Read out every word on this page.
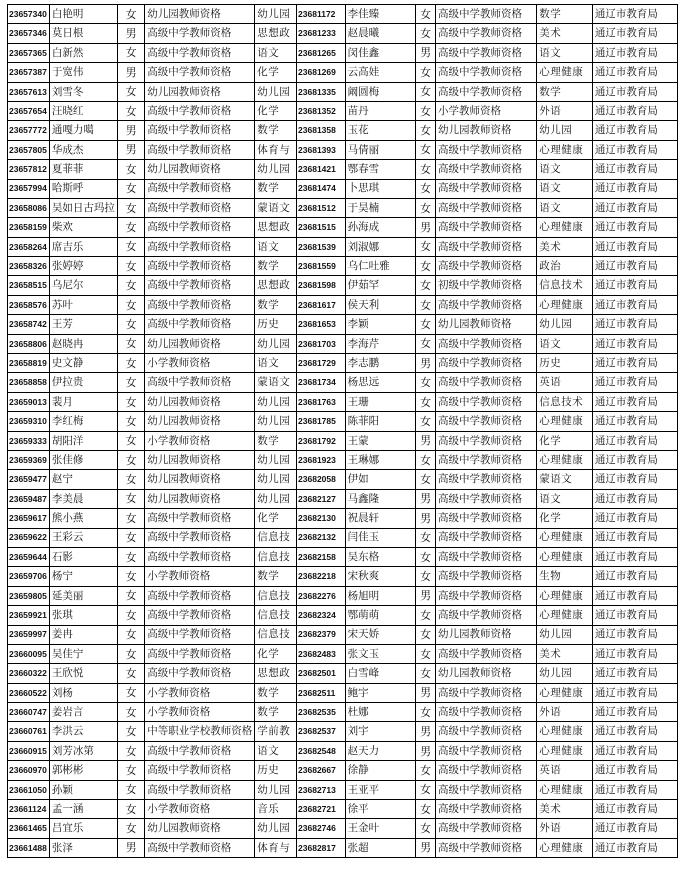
23657340	白艳明	女	幼儿园教师资格	幼儿园	23681172	李佳臻	女	高级中学教师资格	数学	通辽市教育局
23657346	莫日根	男	高级中学教师资格	思想政	23681233	赵晨曦	女	高级中学教师资格	美术	通辽市教育局
23657365	白新然	女	高级中学教师资格	语文	23681265	闵佳鑫	男	高级中学教师资格	语文	通辽市教育局
23657387	于宽伟	男	高级中学教师资格	化学	23681269	云高娃	女	高级中学教师资格	心理健康	通辽市教育局
23657613	刘雪冬	女	幼儿园教师资格	幼儿园	23681335	阚圆梅	女	高级中学教师资格	数学	通辽市教育局
23657654	汪晓红	女	高级中学教师资格	化学	23681352	苗丹	女	小学教师资格	外语	通辽市教育局
23657772	通嘎力噶	男	高级中学教师资格	数学	23681358	玉花	女	幼儿园教师资格	幼儿园	通辽市教育局
23657805	华成杰	男	高级中学教师资格	体育与	23681393	马倩丽	女	高级中学教师资格	心理健康	通辽市教育局
23657812	夏菲菲	女	幼儿园教师资格	幼儿园	23681421	鄂春雪	女	高级中学教师资格	语文	通辽市教育局
23657994	哈斯呼	女	高级中学教师资格	数学	23681474	卜思琪	女	高级中学教师资格	语文	通辽市教育局
23658086	吴如日古玛拉	女	高级中学教师资格	蒙语文	23681512	于昊楠	女	高级中学教师资格	语文	通辽市教育局
23658159	柴欢	女	高级中学教师资格	思想政	23681515	孙海成	男	高级中学教师资格	心理健康	通辽市教育局
23658264	席吉乐	女	高级中学教师资格	语文	23681539	刘淑娜	女	高级中学教师资格	美术	通辽市教育局
23658326	张婷婷	女	高级中学教师资格	数学	23681559	乌仁吐雅	女	高级中学教师资格	政治	通辽市教育局
23658515	乌尼尔	女	高级中学教师资格	思想政	23681598	伊茹罕	女	初级中学教师资格	信息技术	通辽市教育局
23658576	苏叶	女	高级中学教师资格	数学	23681617	侯天利	女	高级中学教师资格	心理健康	通辽市教育局
23658742	王芳	女	高级中学教师资格	历史	23681653	李颖	女	幼儿园教师资格	幼儿园	通辽市教育局
23658806	赵晓冉	女	幼儿园教师资格	幼儿园	23681703	李海芹	女	高级中学教师资格	语文	通辽市教育局
23658819	史文静	女	小学教师资格	语文	23681729	李志鹏	男	高级中学教师资格	历史	通辽市教育局
23658858	伊拉贵	女	高级中学教师资格	蒙语文	23681734	杨思远	女	高级中学教师资格	英语	通辽市教育局
23659013	裴月	女	幼儿园教师资格	幼儿园	23681763	王珊	女	高级中学教师资格	信息技术	通辽市教育局
23659310	李红梅	女	幼儿园教师资格	幼儿园	23681785	陈菲阳	女	高级中学教师资格	心理健康	通辽市教育局
23659333	胡阳洋	女	小学教师资格	数学	23681792	王蒙	男	高级中学教师资格	化学	通辽市教育局
23659369	张佳修	女	幼儿园教师资格	幼儿园	23681923	王琳娜	女	高级中学教师资格	心理健康	通辽市教育局
23659477	赵宁	女	幼儿园教师资格	幼儿园	23682058	伊如	女	高级中学教师资格	蒙语文	通辽市教育局
23659487	李美晨	女	幼儿园教师资格	幼儿园	23682127	马鑫隆	男	高级中学教师资格	语文	通辽市教育局
23659617	熊小燕	女	高级中学教师资格	化学	23682130	祝晨轩	男	高级中学教师资格	化学	通辽市教育局
23659622	王彩云	女	高级中学教师资格	信息技	23682132	闫佳玉	女	高级中学教师资格	心理健康	通辽市教育局
23659644	石影	女	高级中学教师资格	信息技	23682158	吴东格	女	高级中学教师资格	心理健康	通辽市教育局
23659706	杨宁	女	小学教师资格	数学	23682218	宋秋爽	女	高级中学教师资格	生物	通辽市教育局
23659805	延美丽	女	高级中学教师资格	信息技	23682276	杨旭明	男	高级中学教师资格	心理健康	通辽市教育局
23659921	张琪	女	高级中学教师资格	信息技	23682324	鄂萌萌	女	高级中学教师资格	心理健康	通辽市教育局
23659997	姜冉	女	高级中学教师资格	信息技	23682379	宋天娇	女	幼儿园教师资格	幼儿园	通辽市教育局
23660095	吴佳宁	女	高级中学教师资格	化学	23682483	张文玉	女	高级中学教师资格	美术	通辽市教育局
23660322	王欣悦	女	高级中学教师资格	思想政	23682501	白雪峰	女	幼儿园教师资格	幼儿园	通辽市教育局
23660522	刘杨	女	小学教师资格	数学	23682511	鲍宇	男	高级中学教师资格	心理健康	通辽市教育局
23660747	姜岩言	女	小学教师资格	数学	23682535	杜娜	女	高级中学教师资格	外语	通辽市教育局
23660761	李洪云	女	中等职业学校教师资格	学前教	23682537	刘宇	男	高级中学教师资格	心理健康	通辽市教育局
23660915	刘芳冰第	女	高级中学教师资格	语文	23682548	赵天力	男	高级中学教师资格	心理健康	通辽市教育局
23660970	郭彬彬	女	高级中学教师资格	历史	23682667	徐静	女	高级中学教师资格	英语	通辽市教育局
23661050	孙颖	女	高级中学教师资格	幼儿园	23682713	王亚平	女	高级中学教师资格	心理健康	通辽市教育局
23661124	孟一涵	女	小学教师资格	音乐	23682721	徐平	女	高级中学教师资格	美术	通辽市教育局
23661465	吕宜乐	女	幼儿园教师资格	幼儿园	23682746	王金叶	女	高级中学教师资格	外语	通辽市教育局
23661488	张泽	男	高级中学教师资格	体育与	23682817	张超	男	高级中学教师资格	心理健康	通辽市教育局
